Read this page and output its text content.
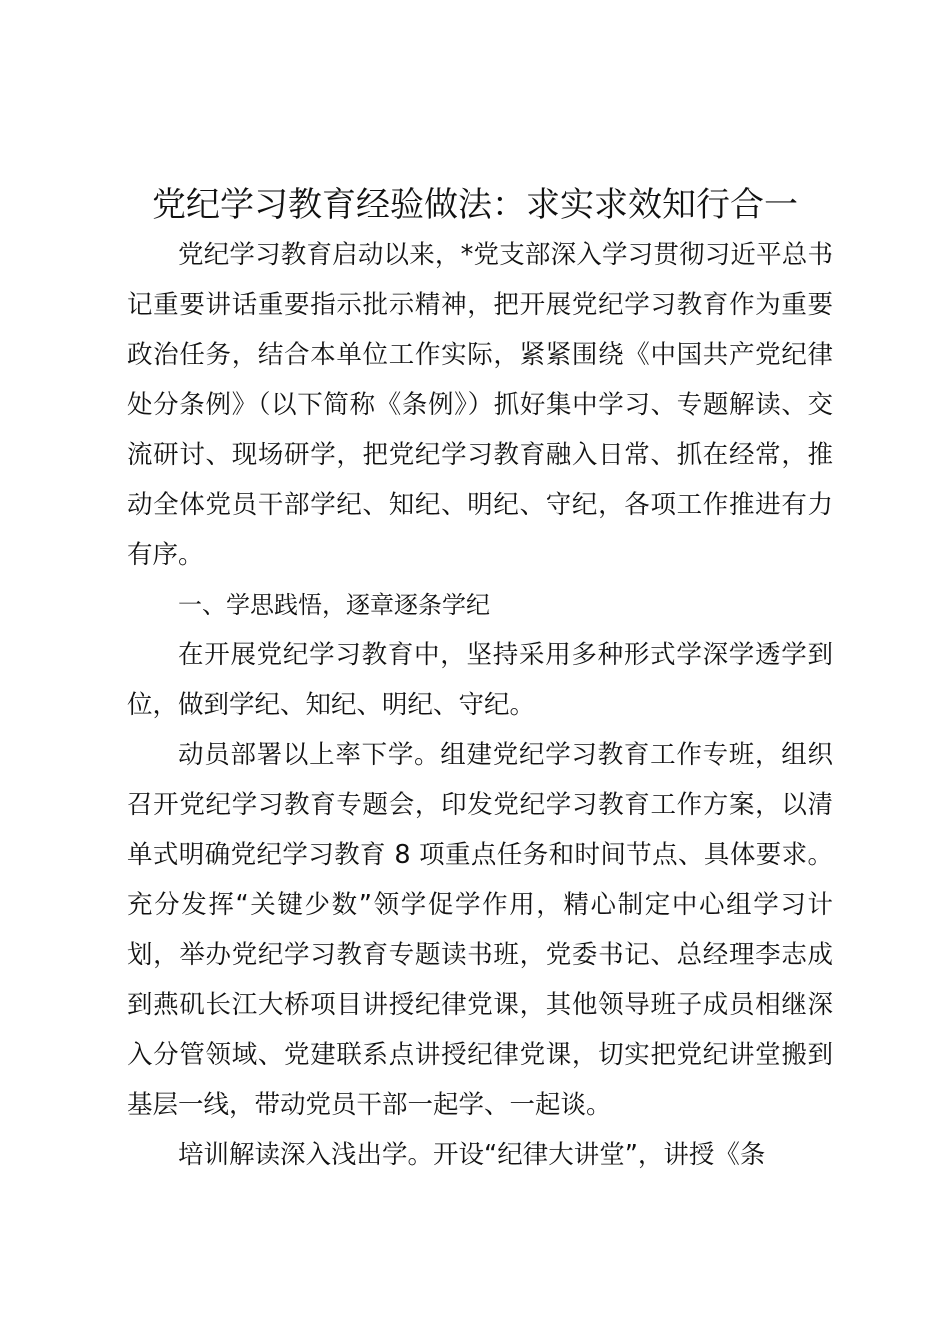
党纪学习教育经验做法：求实求效知行合一

党纪学习教育启动以来，*党支部深入学习贯彻习近平总书记重要讲话重要指示批示精神，把开展党纪学习教育作为重要政治任务，结合本单位工作实际，紧紧围绕《中国共产党纪律处分条例》（以下简称《条例》）抓好集中学习、专题解读、交流研讨、现场研学，把党纪学习教育融入日常、抓在经常，推动全体党员干部学纪、知纪、明纪、守纪，各项工作推进有力有序。

一、学思践悟，逐章逐条学纪

在开展党纪学习教育中，坚持采用多种形式学深学透学到位，做到学纪、知纪、明纪、守纪。

动员部署以上率下学。组建党纪学习教育工作专班，组织召开党纪学习教育专题会，印发党纪学习教育工作方案，以清单式明确党纪学习教育 8 项重点任务和时间节点、具体要求。充分发挥“关键少数”领学促学作用，精心制定中心组学习计划，举办党纪学习教育专题读书班，党委书记、总经理李志成到燕矶长江大桥项目讲授纪律党课，其他领导班子成员相继深入分管领域、党建联系点讲授纪律党课，切实把党纪讲堂搬到基层一线，带动党员干部一起学、一起谈。

培训解读深入浅出学。开设“纪律大讲堂”，讲授《条
